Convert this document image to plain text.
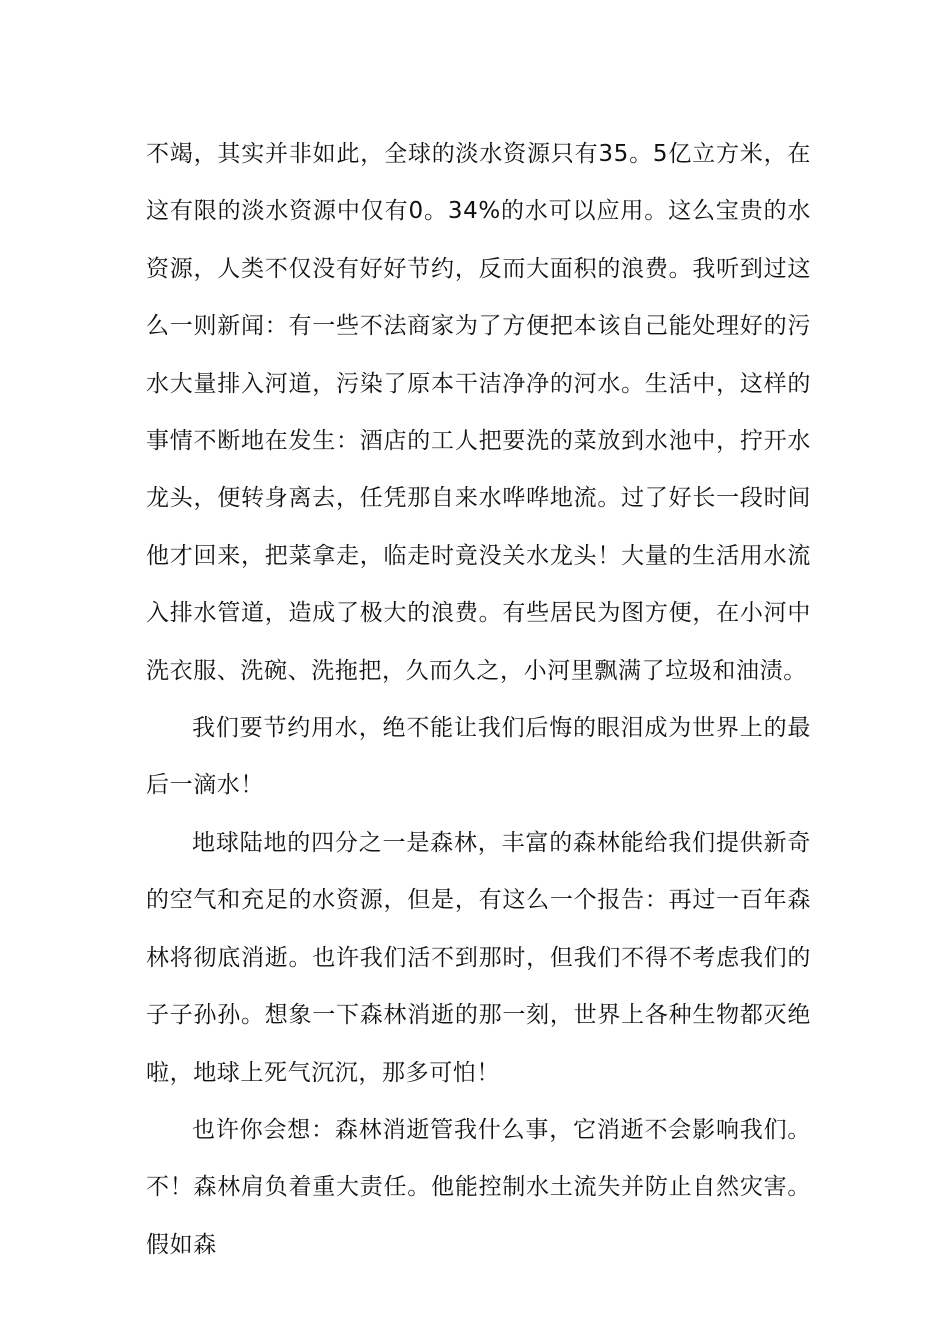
不竭，其实并非如此，全球的淡水资源只有35。5亿立方米，在这有限的淡水资源中仅有0。34%的水可以应用。这么宝贵的水资源，人类不仅没有好好节约，反而大面积的浪费。我听到过这么一则新闻：有一些不法商家为了方便把本该自己能处理好的污水大量排入河道，污染了原本干洁净净的河水。生活中，这样的事情不断地在发生：酒店的工人把要洗的菜放到水池中，拧开水龙头，便转身离去，任凭那自来水哗哗地流。过了好长一段时间他才回来，把菜拿走，临走时竟没关水龙头！大量的生活用水流入排水管道，造成了极大的浪费。有些居民为图方便，在小河中洗衣服、洗碗、洗拖把，久而久之，小河里飘满了垃圾和油渍。

我们要节约用水，绝不能让我们后悔的眼泪成为世界上的最后一滴水！

地球陆地的四分之一是森林，丰富的森林能给我们提供新奇的空气和充足的水资源，但是，有这么一个报告：再过一百年森林将彻底消逝。也许我们活不到那时，但我们不得不考虑我们的子子孙孙。想象一下森林消逝的那一刻，世界上各种生物都灭绝啦，地球上死气沉沉，那多可怕！

也许你会想：森林消逝管我什么事，它消逝不会影响我们。不！森林肩负着重大责任。他能控制水土流失并防止自然灾害。假如森
